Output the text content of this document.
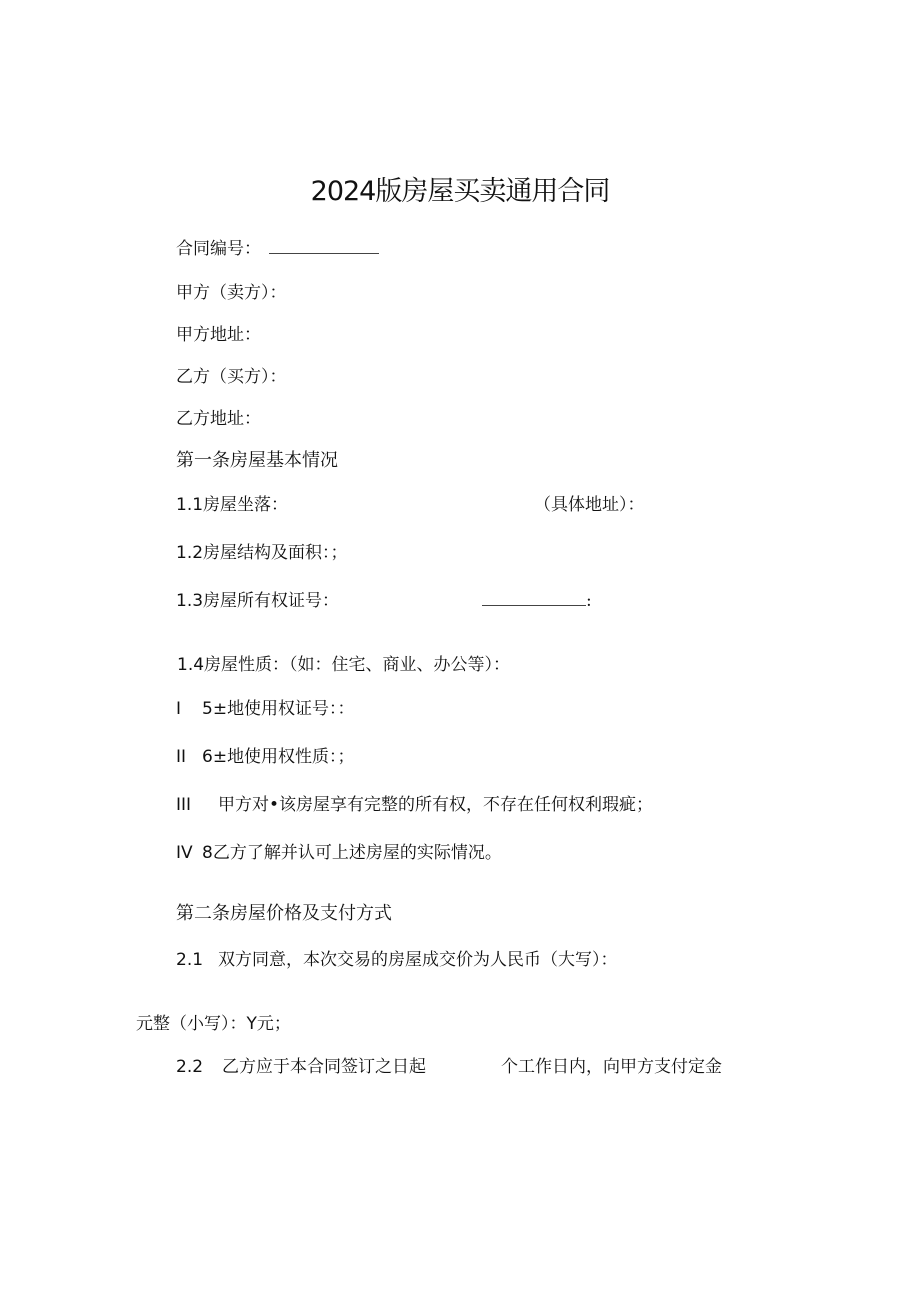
2024版房屋买卖通用合同
合同编号：
甲方（卖方）：
甲方地址：
乙方（买方）：
乙方地址：
第一条房屋基本情况
1.1房屋坐落：	（具体地址）：
1.2房屋结构及面积：；
1.3房屋所有权证号：	:
1.4房屋性质：（如：住宅、商业、办公等）：
I 5±地使用权证号：：
II 6±地使用权性质：；
III 甲方对•该房屋享有完整的所有权，不存在任何权利瑕疵；
IV 8乙方了解并认可上述房屋的实际情况。
第二条房屋价格及支付方式
2.1 双方同意，本次交易的房屋成交价为人民币（大写）：
元整（小写）：Y元；
2.2 乙方应于本合同签订之日起	个工作日内，向甲方支付定金
